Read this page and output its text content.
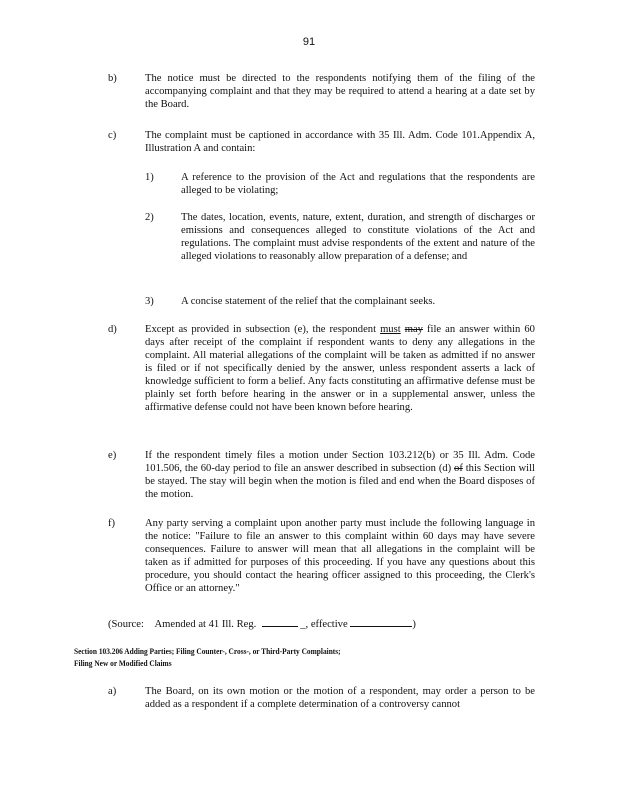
91
b)	The notice must be directed to the respondents notifying them of the filing of the accompanying complaint and that they may be required to attend a hearing at a date set by the Board.
c)	The complaint must be captioned in accordance with 35 Ill. Adm. Code 101.Appendix A, Illustration A and contain:
1)	A reference to the provision of the Act and regulations that the respondents are alleged to be violating;
2)	The dates, location, events, nature, extent, duration, and strength of discharges or emissions and consequences alleged to constitute violations of the Act and regulations. The complaint must advise respondents of the extent and nature of the alleged violations to reasonably allow preparation of a defense; and
3)	A concise statement of the relief that the complainant seeks.
d)	Except as provided in subsection (e), the respondent must may file an answer within 60 days after receipt of the complaint if respondent wants to deny any allegations in the complaint. All material allegations of the complaint will be taken as admitted if no answer is filed or if not specifically denied by the answer, unless respondent asserts a lack of knowledge sufficient to form a belief. Any facts constituting an affirmative defense must be plainly set forth before hearing in the answer or in a supplemental answer, unless the affirmative defense could not have been known before hearing.
e)	If the respondent timely files a motion under Section 103.212(b) or 35 Ill. Adm. Code 101.506, the 60-day period to file an answer described in subsection (d) of this Section will be stayed. The stay will begin when the motion is filed and end when the Board disposes of the motion.
f)	Any party serving a complaint upon another party must include the following language in the notice: "Failure to file an answer to this complaint within 60 days may have severe consequences. Failure to answer will mean that all allegations in the complaint will be taken as if admitted for purposes of this proceeding. If you have any questions about this procedure, you should contact the hearing officer assigned to this proceeding, the Clerk's Office or an attorney."
(Source: Amended at 41 Ill. Reg.	_, effective	)
Section 103.206 Adding Parties; Filing Counter-, Cross-, or Third-Party Complaints;
Filing New or Modified Claims
a)	The Board, on its own motion or the motion of a respondent, may order a person to be added as a respondent if a complete determination of a controversy cannot
